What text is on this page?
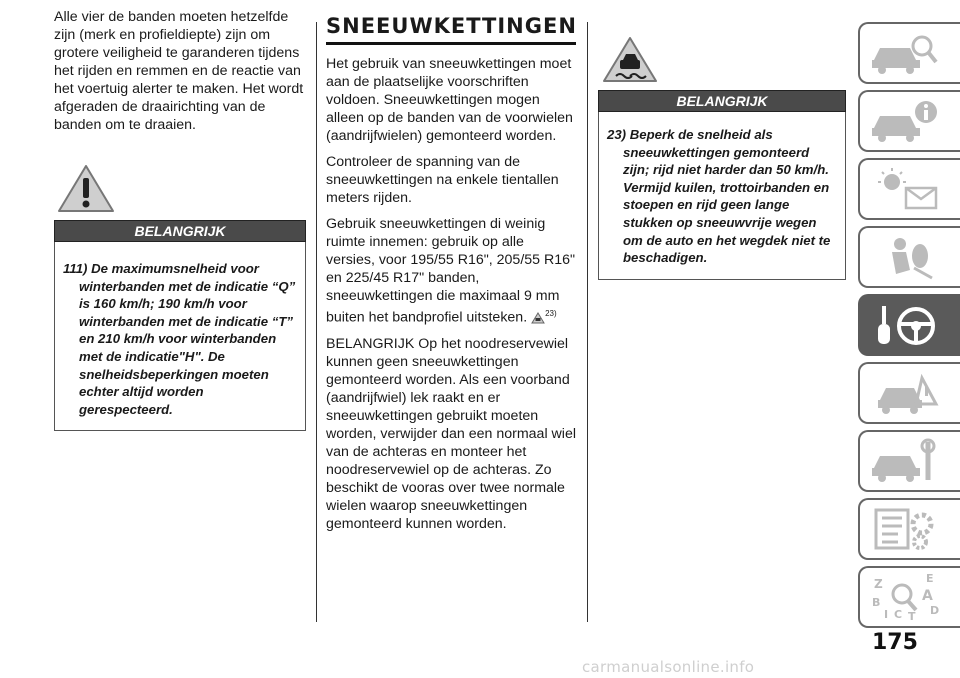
Alle vier de banden moeten hetzelfde zijn (merk en profieldiepte) zijn om grotere veiligheid te garanderen tijdens het rijden en remmen en de reactie van het voertuig alerter te maken. Het wordt afgeraden de draairichting van de banden om te draaien.

BELANGRIJK
111) De maximumsnelheid voor winterbanden met de indicatie “Q” is 160 km/h; 190 km/h voor winterbanden met de indicatie “T” en 210 km/h voor winterbanden met de indicatie"H". De snelheidsbeperkingen moeten echter altijd worden gerespecteerd.
SNEEUWKETTINGEN

Het gebruik van sneeuwkettingen moet aan de plaatselijke voorschriften voldoen. Sneeuwkettingen mogen alleen op de banden van de voorwielen (aandrijfwielen) gemonteerd worden.

Controleer de spanning van de sneeuwkettingen na enkele tientallen meters rijden.

Gebruik sneeuwkettingen di weinig ruimte innemen: gebruik op alle versies, voor 195/55 R16", 205/55 R16" en 225/45 R17" banden, sneeuwkettingen die maximaal 9 mm buiten het bandprofiel uitsteken. $^{23)}$

BELANGRIJK Op het noodreservewiel kunnen geen sneeuwkettingen gemonteerd worden. Als een voorband (aandrijfwiel) lek raakt en er sneeuwkettingen gebruikt moeten worden, verwijder dan een normaal wiel van de achteras en monteer het noodreservewiel op de achteras. Zo beschikt de vooras over twee normale wielen waarop sneeuwkettingen gemonteerd kunnen worden.

BELANGRIJK
23) Beperk de snelheid als sneeuwkettingen gemonteerd zijn; rijd niet harder dan 50 km/h. Vermijd kuilen, trottoirbanden en stoepen en rijd geen lange stukken op sneeuwvrije wegen om de auto en het wegdek niet te beschadigen.
Z	E
B	A
I C T D
175
carmanualsonline.info
